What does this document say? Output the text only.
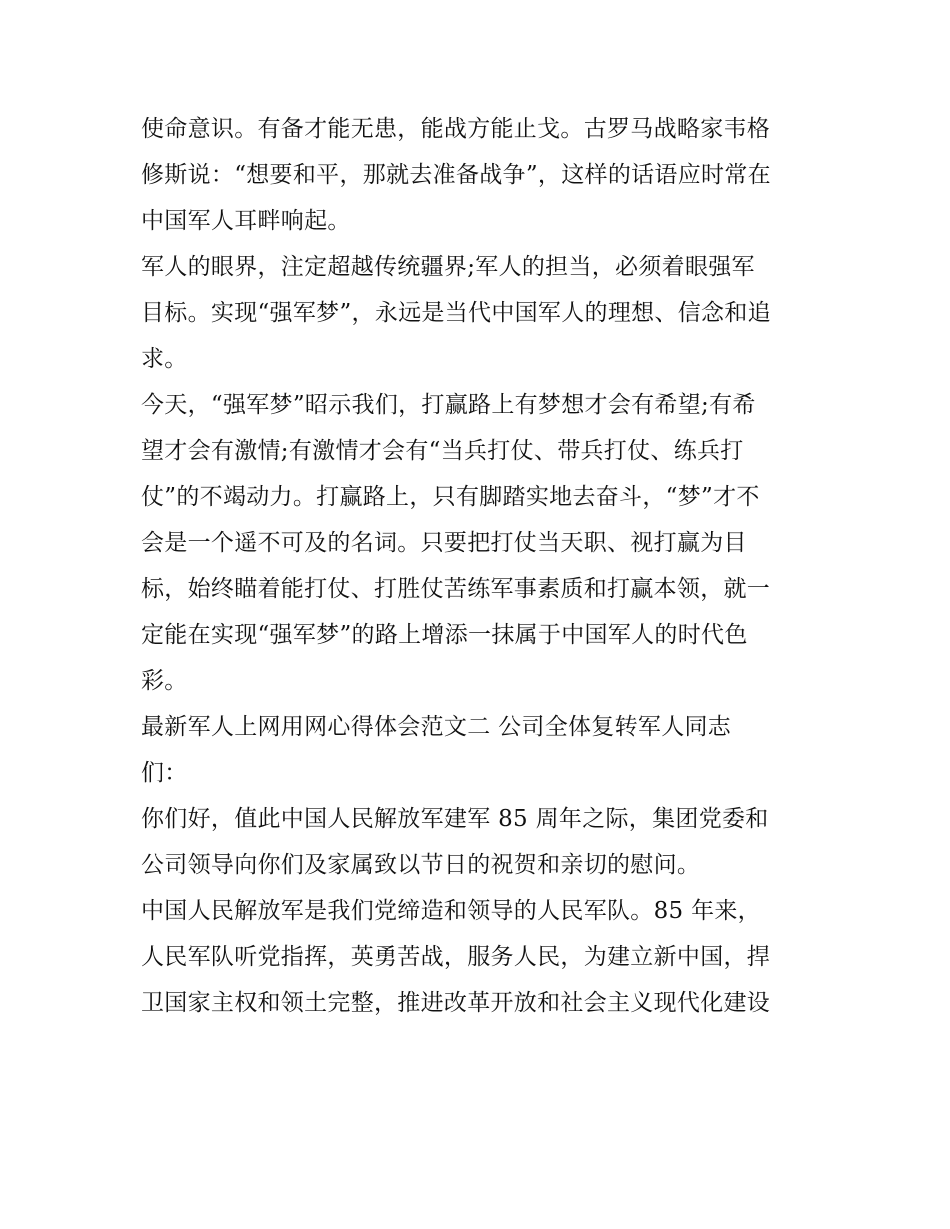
使命意识。有备才能无患，能战方能止戈。古罗马战略家韦格
修斯说：“想要和平，那就去准备战争”，这样的话语应时常在
中国军人耳畔响起。
军人的眼界，注定超越传统疆界;军人的担当，必须着眼强军
目标。实现“强军梦”，永远是当代中国军人的理想、信念和追
求。
今天，“强军梦”昭示我们，打赢路上有梦想才会有希望;有希
望才会有激情;有激情才会有“当兵打仗、带兵打仗、练兵打
仗”的不竭动力。打赢路上，只有脚踏实地去奋斗，“梦”才不
会是一个遥不可及的名词。只要把打仗当天职、视打赢为目
标，始终瞄着能打仗、打胜仗苦练军事素质和打赢本领，就一
定能在实现“强军梦”的路上增添一抹属于中国军人的时代色
彩。
最新军人上网用网心得体会范文二 公司全体复转军人同志
们：
你们好，值此中国人民解放军建军 85 周年之际，集团党委和
公司领导向你们及家属致以节日的祝贺和亲切的慰问。
中国人民解放军是我们党缔造和领导的人民军队。85 年来，
人民军队听党指挥，英勇苦战，服务人民，为建立新中国，捍
卫国家主权和领土完整，推进改革开放和社会主义现代化建设
